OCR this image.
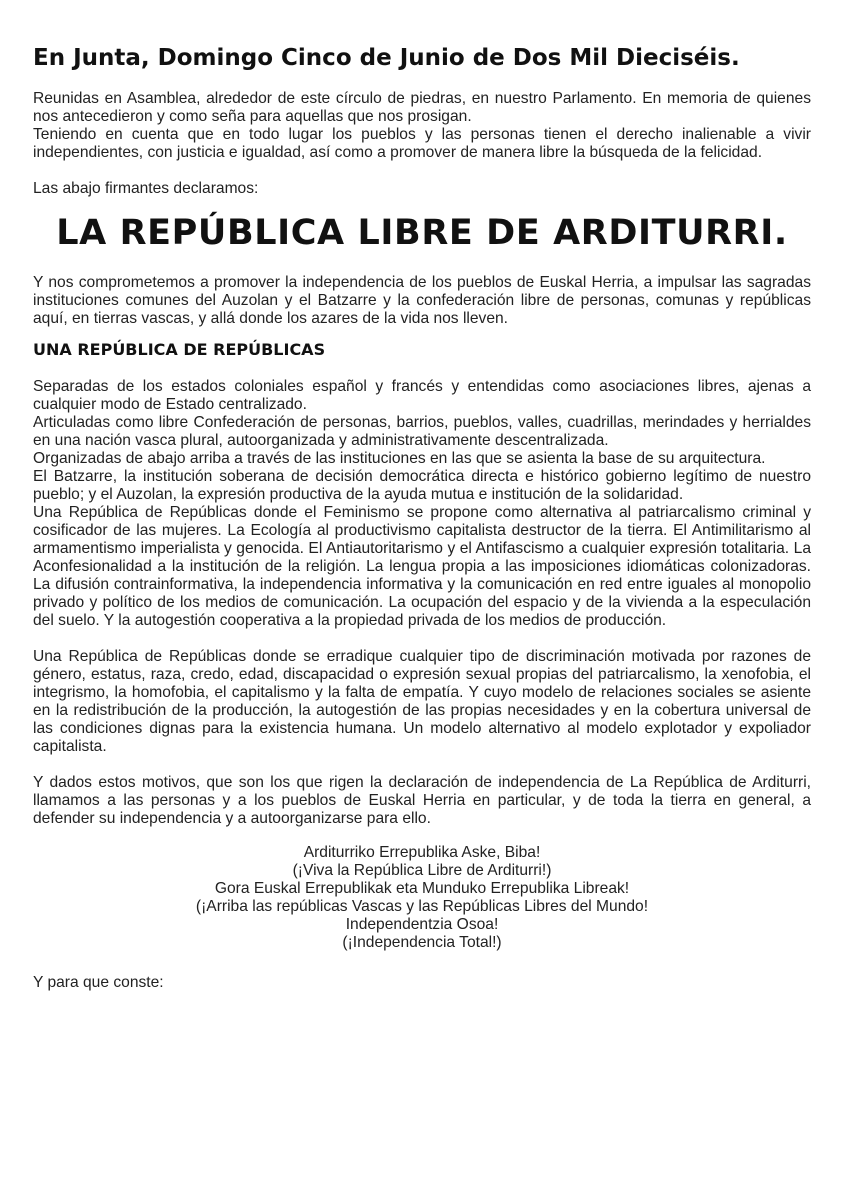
En Junta, Domingo Cinco de Junio de Dos Mil Dieciséis.

Reunidas en Asamblea, alrededor de este círculo de piedras, en nuestro Parlamento. En memoria de quienes nos antecedieron y como seña para aquellas que nos prosigan.

Teniendo en cuenta que en todo lugar los pueblos y las personas tienen el derecho inalienable a vivir independientes, con justicia e igualdad, así como a promover de manera libre la búsqueda de la felicidad.

Las abajo firmantes declaramos:

LA REPÚBLICA LIBRE DE ARDITURRI.

Y nos comprometemos a promover la independencia de los pueblos de Euskal Herria, a impulsar las sagradas instituciones comunes del Auzolan y el Batzarre y la confederación libre de personas, comunas y repúblicas aquí, en tierras vascas, y allá donde los azares de la vida nos lleven.

UNA REPÚBLICA DE REPÚBLICAS

Separadas de los estados coloniales español y francés y entendidas como asociaciones libres, ajenas a cualquier modo de Estado centralizado.

Articuladas como libre Confederación de personas, barrios, pueblos, valles, cuadrillas, merindades y herrialdes en una nación vasca plural, autoorganizada y administrativamente descentralizada.

Organizadas de abajo arriba a través de las instituciones en las que se asienta la base de su arquitectura.

El Batzarre, la institución soberana de decisión democrática directa e histórico gobierno legítimo de nuestro pueblo; y el Auzolan, la expresión productiva de la ayuda mutua e institución de la solidaridad.

Una República de Repúblicas donde el Feminismo se propone como alternativa al patriarcalismo criminal y cosificador de las mujeres. La Ecología al productivismo capitalista destructor de la tierra. El Antimilitarismo al armamentismo imperialista y genocida. El Antiautoritarismo y el Antifascismo a cualquier expresión totalitaria. La Aconfesionalidad a la institución de la religión. La lengua propia a las imposiciones idiomáticas colonizadoras. La difusión contrainformativa, la independencia informativa y la comunicación en red entre iguales al monopolio privado y político de los medios de comunicación. La ocupación del espacio y de la vivienda a la especulación del suelo. Y la autogestión cooperativa a la propiedad privada de los medios de producción.

Una República de Repúblicas donde se erradique cualquier tipo de discriminación motivada por razones de género, estatus, raza, credo, edad, discapacidad o expresión sexual propias del patriarcalismo, la xenofobia, el integrismo, la homofobia, el capitalismo y la falta de empatía. Y cuyo modelo de relaciones sociales se asiente en la redistribución de la producción, la autogestión de las propias necesidades y en la cobertura universal de las condiciones dignas para la existencia humana. Un modelo alternativo al modelo explotador y expoliador capitalista.

Y dados estos motivos, que son los que rigen la declaración de independencia de La República de Arditurri, llamamos a las personas y a los pueblos de Euskal Herria en particular, y de toda la tierra en general, a defender su independencia y a autoorganizarse para ello.

Arditurriko Errepublika Aske, Biba!
(¡Viva la República Libre de Arditurri!)
Gora Euskal Errepublikak eta Munduko Errepublika Libreak!
(¡Arriba las repúblicas Vascas y las Repúblicas Libres del Mundo!
Independentzia Osoa!
(¡Independencia Total!)

Y para que conste:
